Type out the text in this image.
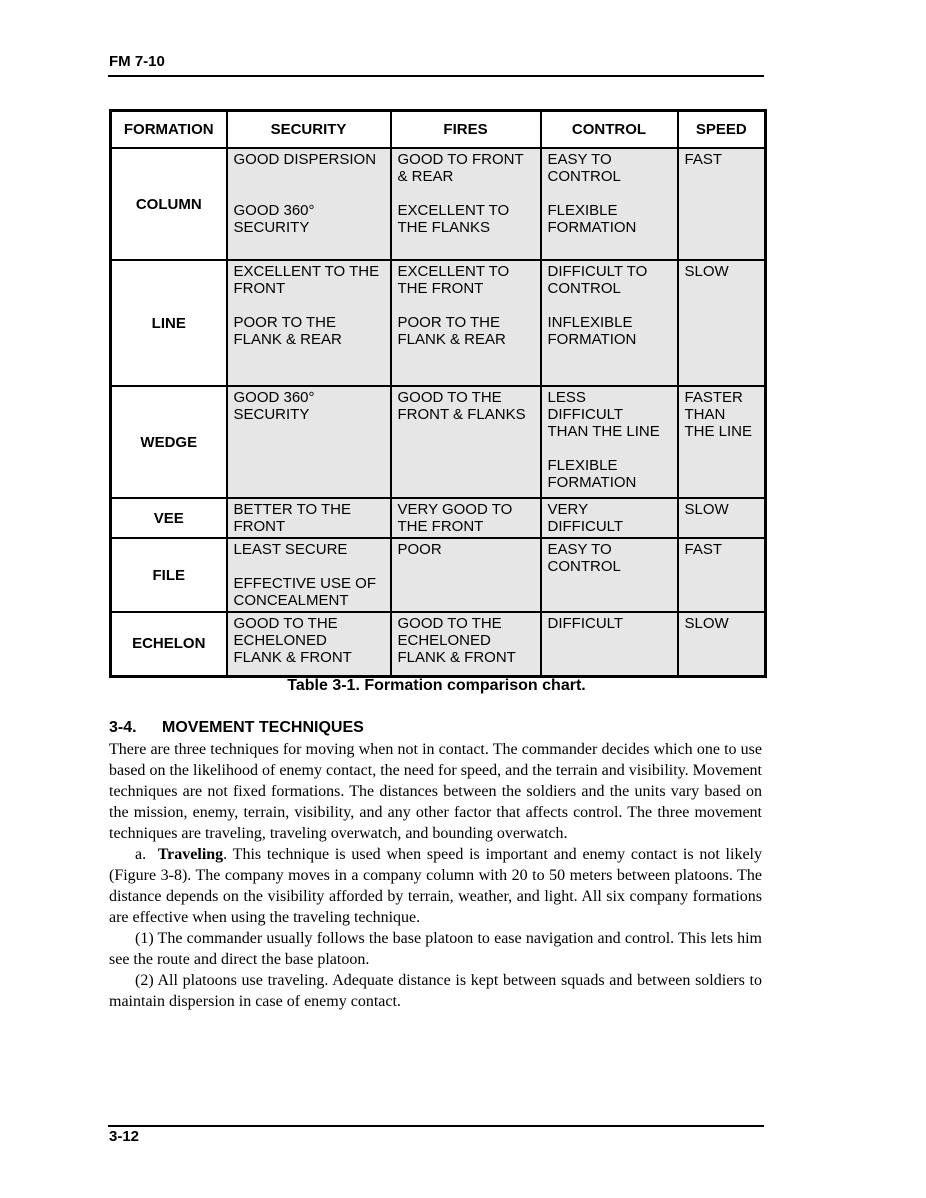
FM 7-10
FORMATION	SECURITY	FIRES	CONTROL	SPEED
COLUMN	GOOD DISPERSION
GOOD 360°
SECURITY	GOOD TO FRONT
& REAR
EXCELLENT TO
THE FLANKS	EASY TO
CONTROL
FLEXIBLE
FORMATION	FAST

LINE	EXCELLENT TO THE
FRONT
POOR TO THE
FLANK & REAR	EXCELLENT TO
THE FRONT
POOR TO THE
FLANK & REAR	DIFFICULT TO
CONTROL
INFLEXIBLE
FORMATION	SLOW

WEDGE	GOOD 360°
SECURITY	GOOD TO THE
FRONT & FLANKS	LESS
DIFFICULT
THAN THE LINE
FLEXIBLE
FORMATION	FASTER
THAN
THE LINE

VEE	BETTER TO THE
FRONT	VERY GOOD TO
THE FRONT	VERY
DIFFICULT	SLOW

FILE	LEAST SECURE
EFFECTIVE USE OF
CONCEALMENT	POOR	EASY TO
CONTROL	FAST

ECHELON	GOOD TO THE
ECHELONED
FLANK & FRONT	GOOD TO THE
ECHELONED
FLANK & FRONT	DIFFICULT	SLOW
Table 3-1. Formation comparison chart.
3-4. MOVEMENT TECHNIQUES

There are three techniques for moving when not in contact. The commander decides which one to use based on the likelihood of enemy contact, the need for speed, and the terrain and visibility. Movement techniques are not fixed formations. The distances between the soldiers and the units vary based on the mission, enemy, terrain, visibility, and any other factor that affects control. The three movement techniques are traveling, traveling overwatch, and bounding overwatch.

a. Traveling. This technique is used when speed is important and enemy contact is not likely (Figure 3-8). The company moves in a company column with 20 to 50 meters between platoons. The distance depends on the visibility afforded by terrain, weather, and light. All six company formations are effective when using the traveling technique.

(1) The commander usually follows the base platoon to ease navigation and control. This lets him see the route and direct the base platoon.

(2) All platoons use traveling. Adequate distance is kept between squads and between soldiers to maintain dispersion in case of enemy contact.

3-12
